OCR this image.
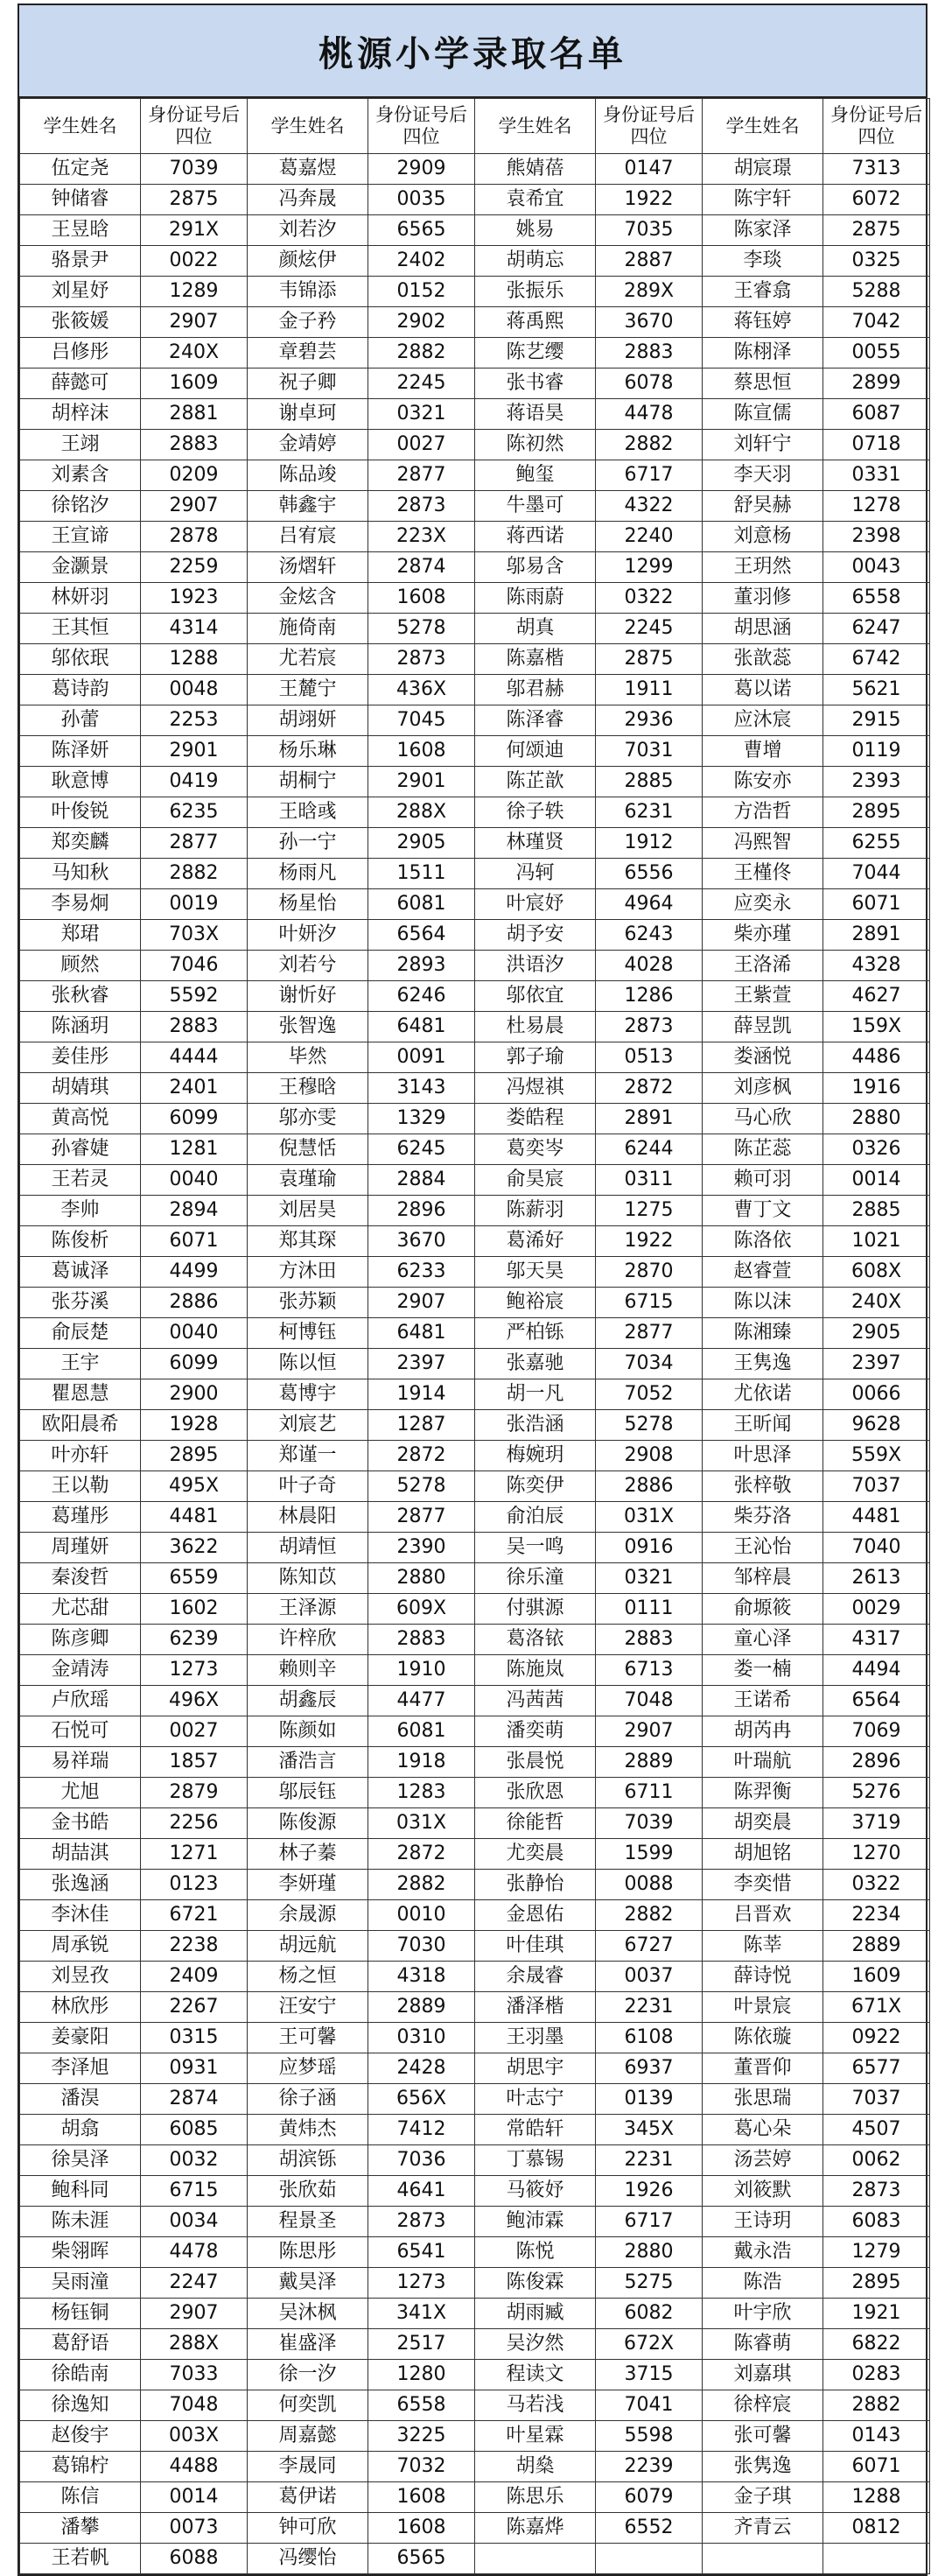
桃源小学录取名单
学生姓名	身份证号后四位	学生姓名	身份证号后四位	学生姓名	身份证号后四位	学生姓名	身份证号后四位
伍定尧	7039	葛嘉煜	2909	熊婧蓓	0147	胡宸璟	7313
钟储睿	2875	冯奔晟	0035	袁希宜	1922	陈宇轩	6072
王昱晗	291X	刘若汐	6565	姚易	7035	陈家泽	2875
骆景尹	0022	颜炫伊	2402	胡萌忘	2887	李琰	0325
刘星妤	1289	韦锦添	0152	张振乐	289X	王睿翕	5288
张筱媛	2907	金子矜	2902	蒋禹熙	3670	蒋钰婷	7042
吕修彤	240X	章碧芸	2882	陈艺缨	2883	陈栩泽	0055
薛懿可	1609	祝子卿	2245	张书睿	6078	蔡思恒	2899
胡梓沫	2881	谢卓珂	0321	蒋语昊	4478	陈宣儒	6087
王翊	2883	金靖婷	0027	陈初然	2882	刘轩宁	0718
刘素含	0209	陈品竣	2877	鲍玺	6717	李天羽	0331
徐铭汐	2907	韩鑫宇	2873	牛墨可	4322	舒旲赫	1278
王宣谛	2878	吕宥宸	223X	蒋西诺	2240	刘意杨	2398
金灏景	2259	汤熠轩	2874	邬易含	1299	王玥然	0043
林妍羽	1923	金炫含	1608	陈雨蔚	0322	董羽修	6558
王其恒	4314	施倚南	5278	胡真	2245	胡思涵	6247
邬依珉	1288	尤若宸	2873	陈嘉楷	2875	张歆蕊	6742
葛诗韵	0048	王麓宁	436X	邬君赫	1911	葛以诺	5621
孙蕾	2253	胡翊妍	7045	陈泽睿	2936	应沐宸	2915
陈泽妍	2901	杨乐琳	1608	何颂迪	7031	曹增	0119
耿意博	0419	胡桐宁	2901	陈芷歆	2885	陈安亦	2393
叶俊锐	6235	王晗彧	288X	徐子轶	6231	方浩哲	2895
郑奕麟	2877	孙一宁	2905	林瑾贤	1912	冯熙智	6255
马知秋	2882	杨雨凡	1511	冯轲	6556	王槿佟	7044
李易炯	0019	杨星怡	6081	叶宸妤	4964	应奕永	6071
郑珺	703X	叶妍汐	6564	胡予安	6243	柴亦瑾	2891
顾然	7046	刘若兮	2893	洪语汐	4028	王洛浠	4328
张秋睿	5592	谢忻好	6246	邬依宜	1286	王紫萱	4627
陈涵玥	2883	张智逸	6481	杜易晨	2873	薛昱凯	159X
姜佳彤	4444	毕然	0091	郭子瑜	0513	娄涵悦	4486
胡婧琪	2401	王穆晗	3143	冯煜祺	2872	刘彦枫	1916
黄高悦	6099	邬亦雯	1329	娄皓程	2891	马心欣	2880
孙睿婕	1281	倪慧恬	6245	葛奕岑	6244	陈芷蕊	0326
王若灵	0040	袁瑾瑜	2884	俞昊宸	0311	赖可羽	0014
李帅	2894	刘居昊	2896	陈薪羽	1275	曹丁文	2885
陈俊析	6071	郑其琛	3670	葛浠好	1922	陈洛依	1021
葛诚泽	4499	方沐田	6233	邬天昊	2870	赵睿萱	608X
张芬溪	2886	张苏颖	2907	鲍裕宸	6715	陈以沫	240X
俞辰楚	0040	柯博钰	6481	严柏铄	2877	陈湘臻	2905
王宇	6099	陈以恒	2397	张嘉驰	7034	王隽逸	2397
瞿恩慧	2900	葛博宇	1914	胡一凡	7052	尤依诺	0066
欧阳晨希	1928	刘宸艺	1287	张浩涵	5278	王昕闻	9628
叶亦轩	2895	郑谨一	2872	梅婉玥	2908	叶思泽	559X
王以勒	495X	叶子奇	5278	陈奕伊	2886	张梓敬	7037
葛瑾彤	4481	林晨阳	2877	俞泊辰	031X	柴芬洛	4481
周瑾妍	3622	胡靖恒	2390	吴一鸣	0916	王沁怡	7040
秦浚哲	6559	陈知苡	2880	徐乐潼	0321	邹梓晨	2613
尤芯甜	1602	王泽源	609X	付骐源	0111	俞塬筱	0029
陈彦卿	6239	许梓欣	2883	葛洛铱	2883	童心泽	4317
金靖涛	1273	赖则辛	1910	陈施岚	6713	娄一楠	4494
卢欣瑶	496X	胡鑫辰	4477	冯茜茜	7048	王诺希	6564
石悦可	0027	陈颜如	6081	潘奕萌	2907	胡芮冉	7069
易祥瑞	1857	潘浩言	1918	张晨悦	2889	叶瑞航	2896
尤旭	2879	邬辰钰	1283	张欣恩	6711	陈羿衡	5276
金书皓	2256	陈俊源	031X	徐能哲	7039	胡奕晨	3719
胡喆淇	1271	林子蓁	2872	尤奕晨	1599	胡旭铭	1270
张逸涵	0123	李妍瑾	2882	张静怡	0088	李奕惜	0322
李沐佳	6721	余晟源	0010	金恩佑	2882	吕晋欢	2234
周承锐	2238	胡远航	7030	叶佳琪	6727	陈莘	2889
刘昱孜	2409	杨之恒	4318	余晟睿	0037	薛诗悦	1609
林欣彤	2267	汪安宁	2889	潘泽楷	2231	叶景宸	671X
姜豪阳	0315	王可馨	0310	王羽墨	6108	陈依璇	0922
李泽旭	0931	应梦瑶	2428	胡思宇	6937	董晋仰	6577
潘淏	2874	徐子涵	656X	叶志宁	0139	张思瑞	7037
胡翕	6085	黄炜杰	7412	常皓轩	345X	葛心朵	4507
徐昊泽	0032	胡滨铄	7036	丁慕锡	2231	汤芸婷	0062
鲍科同	6715	张欣茹	4641	马筱妤	1926	刘筱默	2873
陈未涯	0034	程景圣	2873	鲍沛霖	6717	王诗玥	6083
柴翎晖	4478	陈思彤	6541	陈悦	2880	戴永浩	1279
吴雨潼	2247	戴昊泽	1273	陈俊霖	5275	陈浩	2895
杨钰铜	2907	吴沐枫	341X	胡雨臧	6082	叶宇欣	1921
葛舒语	288X	崔盛泽	2517	吴汐然	672X	陈睿萌	6822
徐皓南	7033	徐一汐	1280	程读文	3715	刘嘉琪	0283
徐逸知	7048	何奕凯	6558	马若浅	7041	徐梓宸	2882
赵俊宇	003X	周嘉懿	3225	叶星霖	5598	张可馨	0143
葛锦柠	4488	李晟同	7032	胡燊	2239	张隽逸	6071
陈信	0014	葛伊诺	1608	陈思乐	6079	金子琪	1288
潘攀	0073	钟可欣	1608	陈嘉烨	6552	齐青云	0812
王若帆	6088	冯缨怡	6565				
